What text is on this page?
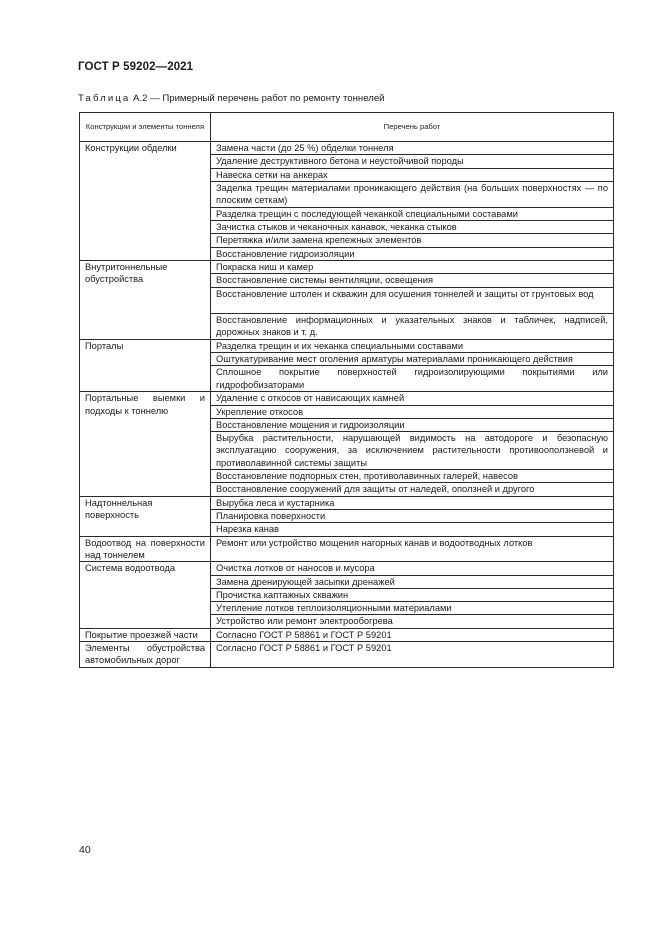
ГОСТ Р 59202—2021
Таблица А.2 — Примерный перечень работ по ремонту тоннелей
Конструкции и элементы тоннеля	Перечень работ
Конструкции обделки	Замена части (до 25 %) обделки тоннеля
	Удаление деструктивного бетона и неустойчивой породы
	Навеска сетки на анкерах
	Заделка трещин материалами проникающего действия (на больших поверхностях — по плоским сеткам)
	Разделка трещин с последующей чеканкой специальными составами
	Зачистка стыков и чеканочных канавок, чеканка стыков
	Перетяжка и/или замена крепежных элементов
	Восстановление гидроизоляции
Внутритоннельные обустройства	Покраска ниш и камер
	Восстановление системы вентиляции, освещения
	Восстановление штолен и скважин для осушения тоннелей и защиты от грунтовых вод
	Восстановление информационных и указательных знаков и табличек, надписей, дорожных знаков и т. д.
Порталы	Разделка трещин и их чеканка специальными составами
	Оштукатуривание мест оголения арматуры материалами проникающего действия
	Сплошное покрытие поверхностей гидроизолирующими покрытиями или гидрофобизаторами
Портальные выемки и подходы к тоннелю	Удаление с откосов от нависающих камней
	Укрепление откосов
	Восстановление мощения и гидроизоляции
	Вырубка растительности, нарушающей видимость на автодороге и безопасную эксплуатацию сооружения, за исключением растительности противооползневой и противолавинной системы защиты
	Восстановление подпорных стен, противолавинных галерей, навесов
	Восстановление сооружений для защиты от наледей, оползней и другого
Надтоннельная поверхность	Вырубка леса и кустарника
	Планировка поверхности
	Нарезка канав
Водоотвод на поверхности над тоннелем	Ремонт или устройство мощения нагорных канав и водоотводных лотков
Система водоотвода	Очистка лотков от наносов и мусора
	Замена дренирующей засыпки дренажей
	Прочистка каптажных скважин
	Утепление лотков теплоизоляционными материалами
	Устройство или ремонт электрообогрева
Покрытие проезжей части	Согласно ГОСТ Р 58861 и ГОСТ Р 59201
Элементы обустройства автомобильных дорог	Согласно ГОСТ Р 58861 и ГОСТ Р 59201
40
